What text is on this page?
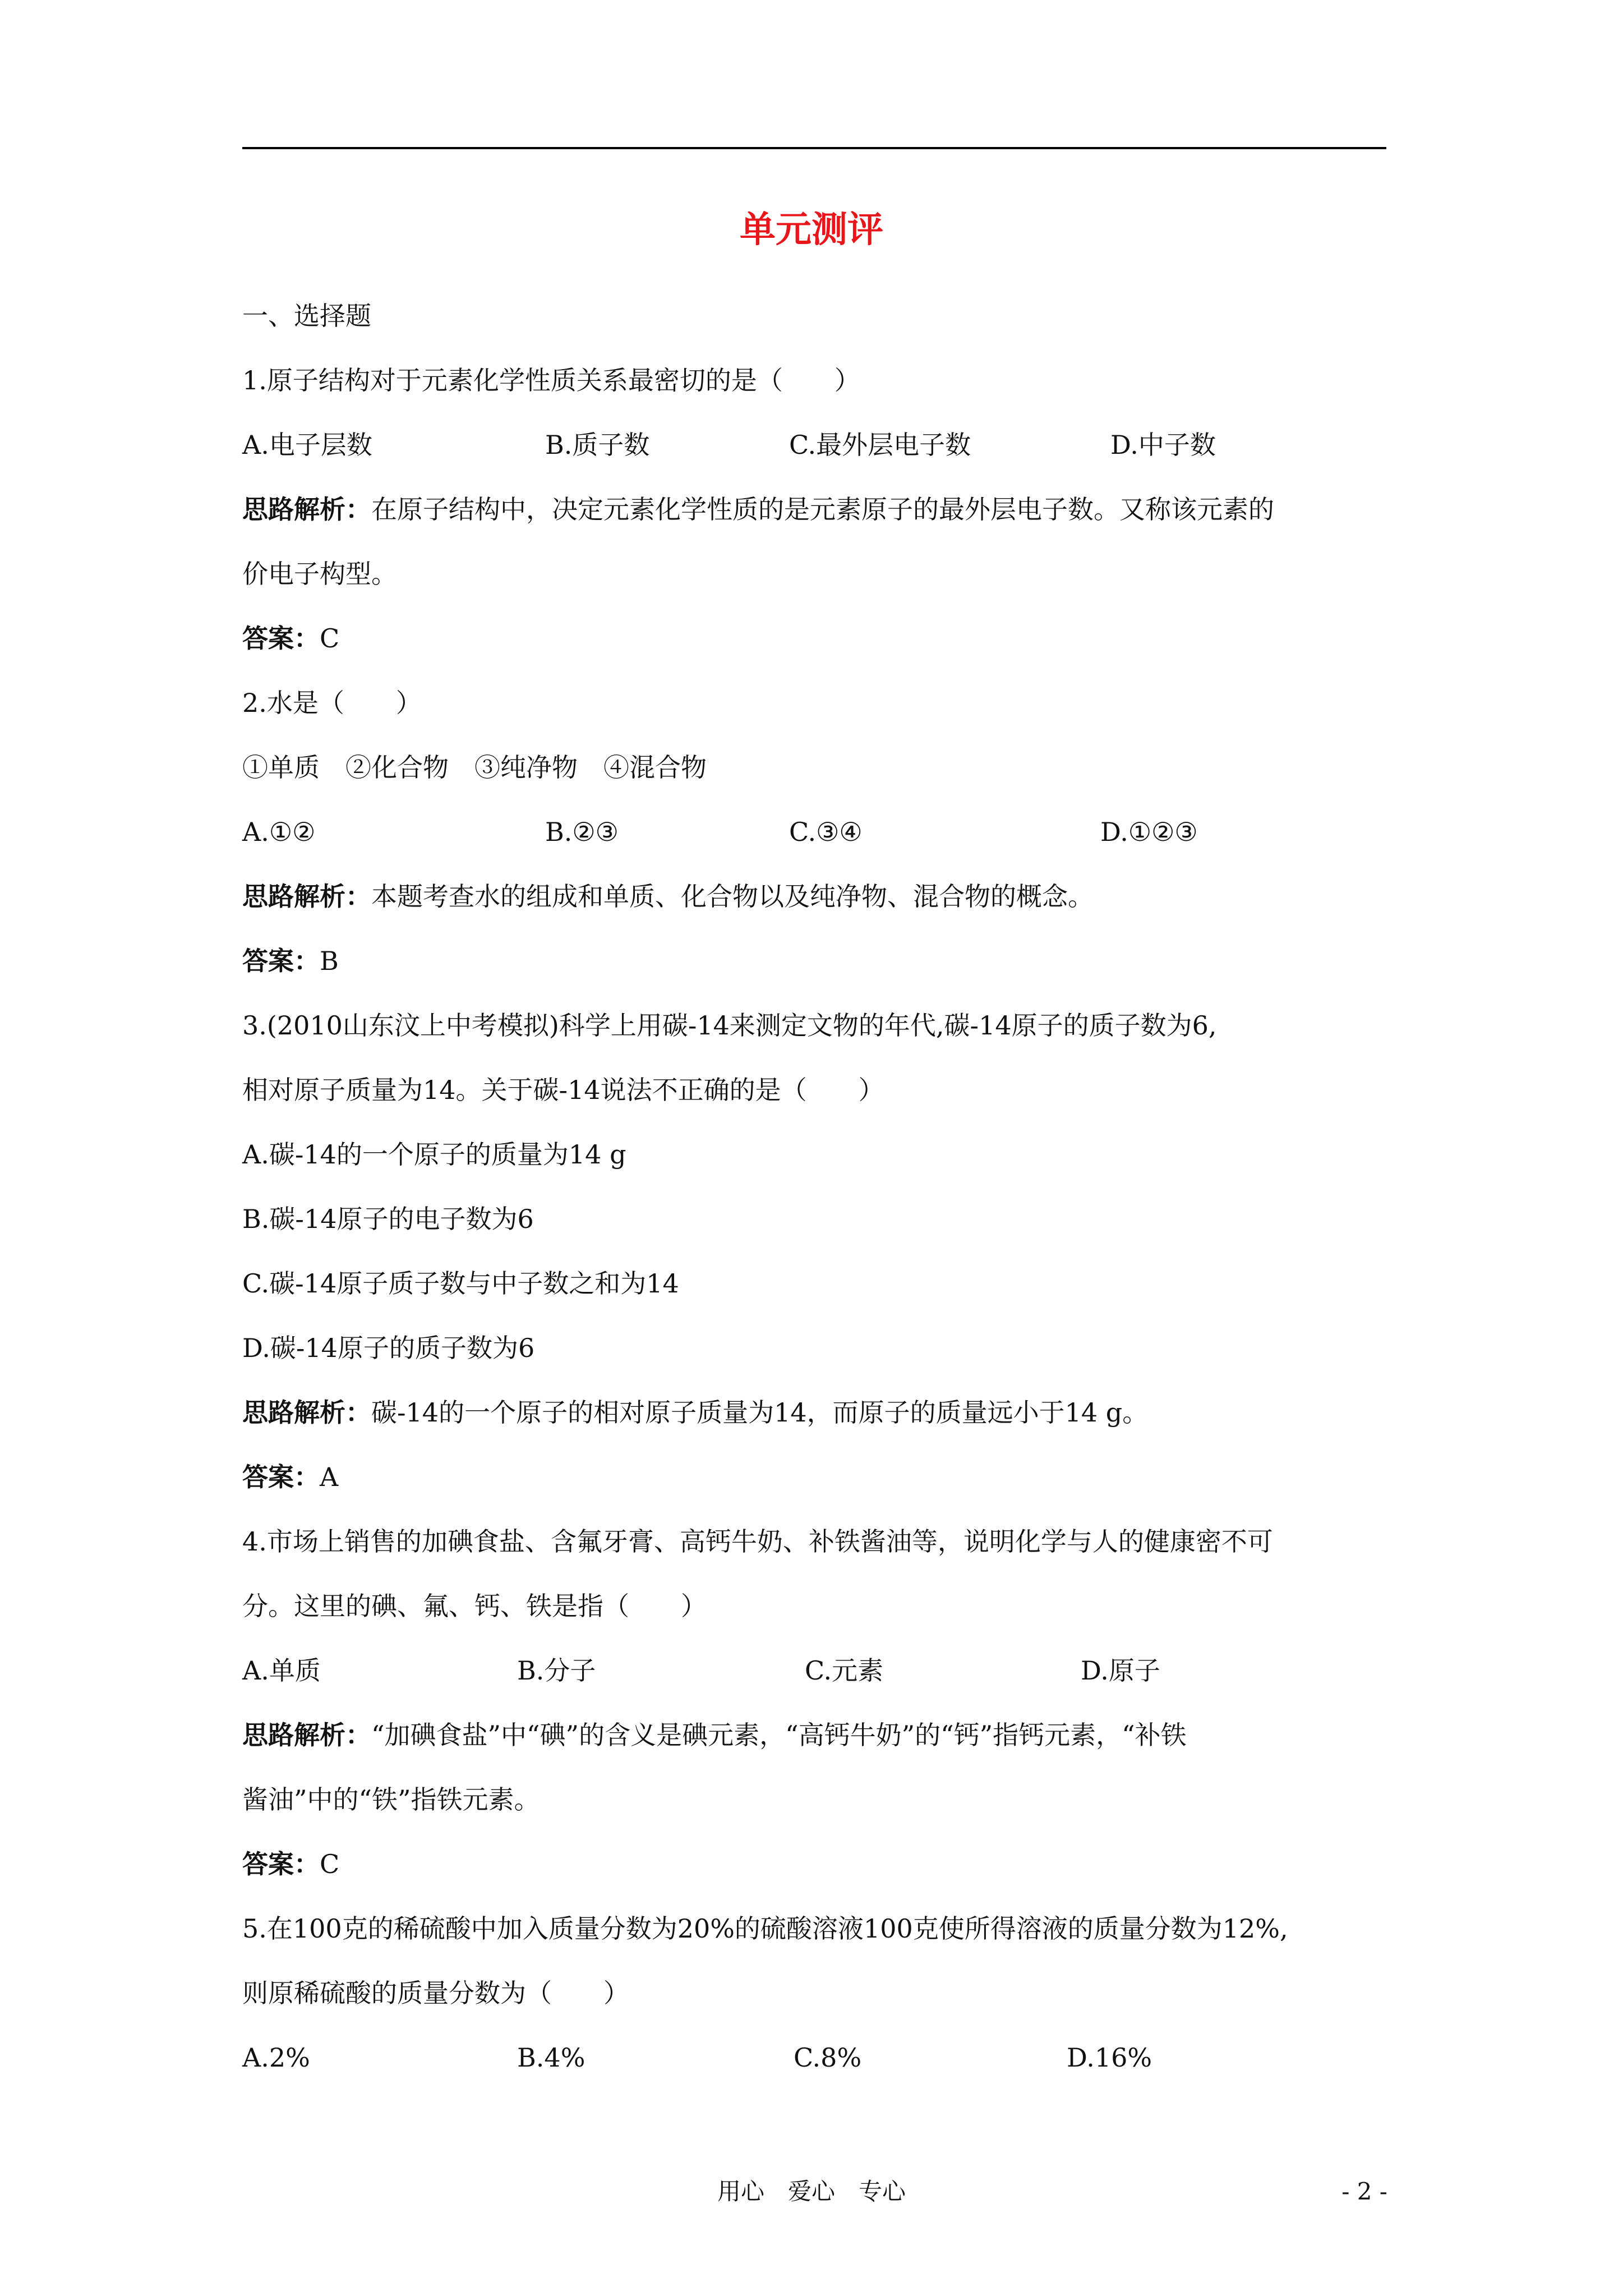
单元测评
一、选择题
1.原子结构对于元素化学性质关系最密切的是（　　）
A.电子层数	B.质子数	C.最外层电子数	D.中子数
思路解析：在原子结构中，决定元素化学性质的是元素原子的最外层电子数。又称该元素的
价电子构型。
答案：C
2.水是（　　）
①单质　②化合物　③纯净物　④混合物
A.①②	B.②③	C.③④	D.①②③
思路解析：本题考查水的组成和单质、化合物以及纯净物、混合物的概念。
答案：B
3.(2010山东汶上中考模拟)科学上用碳-14来测定文物的年代,碳-14原子的质子数为6,
相对原子质量为14。关于碳-14说法不正确的是（　　）
A.碳-14的一个原子的质量为14 g
B.碳-14原子的电子数为6
C.碳-14原子质子数与中子数之和为14
D.碳-14原子的质子数为6
思路解析：碳-14的一个原子的相对原子质量为14，而原子的质量远小于14 g。
答案：A
4.市场上销售的加碘食盐、含氟牙膏、高钙牛奶、补铁酱油等，说明化学与人的健康密不可
分。这里的碘、氟、钙、铁是指（　　）
A.单质	B.分子	C.元素	D.原子
思路解析：“加碘食盐”中“碘”的含义是碘元素，“高钙牛奶”的“钙”指钙元素，“补铁
酱油”中的“铁”指铁元素。
答案：C
5.在100克的稀硫酸中加入质量分数为20%的硫酸溶液100克使所得溶液的质量分数为12%,
则原稀硫酸的质量分数为（　　）
A.2%	B.4%	C.8%	D.16%
用心　爱心　专心	- 2 -
